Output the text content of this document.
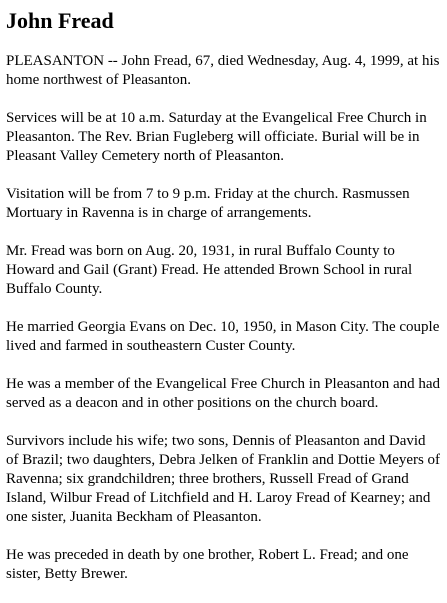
John Fread

PLEASANTON -- John Fread, 67, died Wednesday, Aug. 4, 1999, at his home northwest of Pleasanton.

Services will be at 10 a.m. Saturday at the Evangelical Free Church in Pleasanton. The Rev. Brian Fugleberg will officiate. Burial will be in Pleasant Valley Cemetery north of Pleasanton.

Visitation will be from 7 to 9 p.m. Friday at the church. Rasmussen Mortuary in Ravenna is in charge of arrangements.

Mr. Fread was born on Aug. 20, 1931, in rural Buffalo County to Howard and Gail (Grant) Fread. He attended Brown School in rural Buffalo County.

He married Georgia Evans on Dec. 10, 1950, in Mason City. The couple lived and farmed in southeastern Custer County.

He was a member of the Evangelical Free Church in Pleasanton and had served as a deacon and in other positions on the church board.

Survivors include his wife; two sons, Dennis of Pleasanton and David of Brazil; two daughters, Debra Jelken of Franklin and Dottie Meyers of Ravenna; six grandchildren; three brothers, Russell Fread of Grand Island, Wilbur Fread of Litchfield and H. Laroy Fread of Kearney; and one sister, Juanita Beckham of Pleasanton.

He was preceded in death by one brother, Robert L. Fread; and one sister, Betty Brewer.
